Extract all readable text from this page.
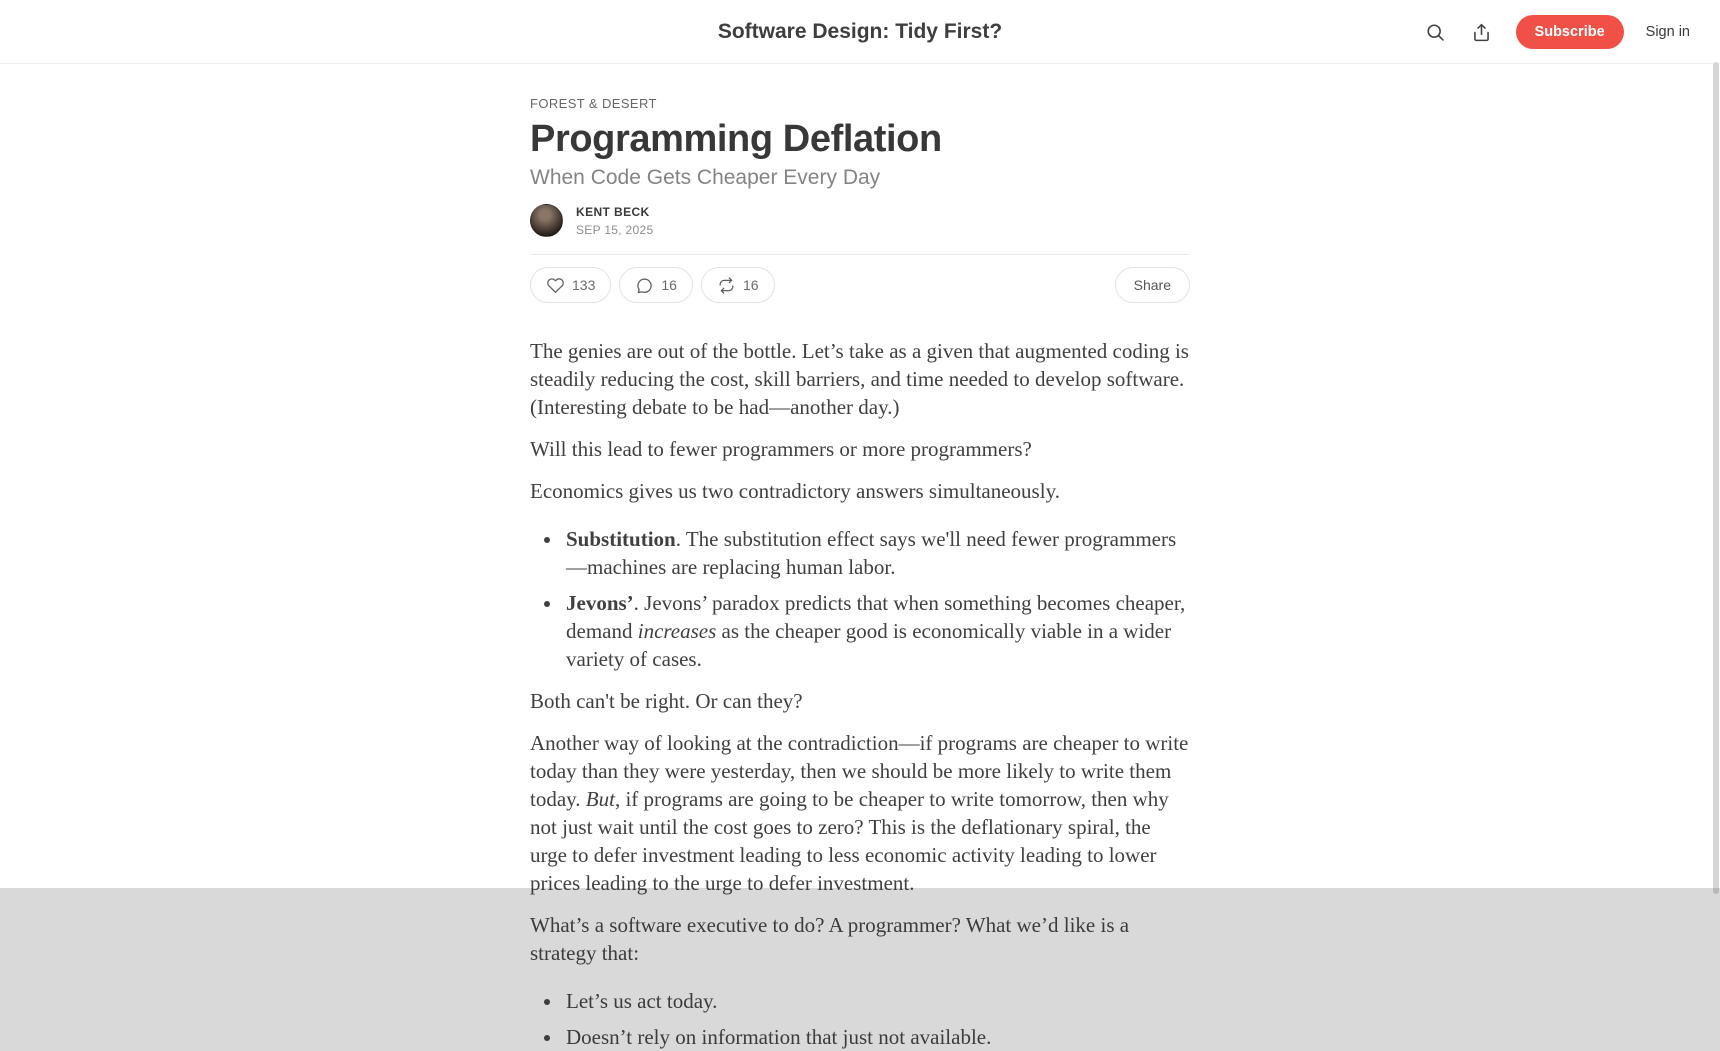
Software Design: Tidy First?	Subscribe	Sign in
FOREST & DESERT
Programming Deflation
When Code Gets Cheaper Every Day
KENT BECK
SEP 15, 2025
133	16	16	Share

The genies are out of the bottle. Let’s take as a given that augmented coding is steadily reducing the cost, skill barriers, and time needed to develop software. (Interesting debate to be had—another day.)

Will this lead to fewer programmers or more programmers?

Economics gives us two contradictory answers simultaneously.

• Substitution. The substitution effect says we'll need fewer programmers—machines are replacing human labor.
• Jevons’. Jevons’ paradox predicts that when something becomes cheaper, demand increases as the cheaper good is economically viable in a wider variety of cases.

Both can't be right. Or can they?

Another way of looking at the contradiction—if programs are cheaper to write today than they were yesterday, then we should be more likely to write them today. But, if programs are going to be cheaper to write tomorrow, then why not just wait until the cost goes to zero? This is the deflationary spiral, the urge to defer investment leading to less economic activity leading to lower prices leading to the urge to defer investment.

What’s a software executive to do? A programmer? What we’d like is a strategy that:

• Let’s us act today.
• Doesn’t rely on information that just not available.
